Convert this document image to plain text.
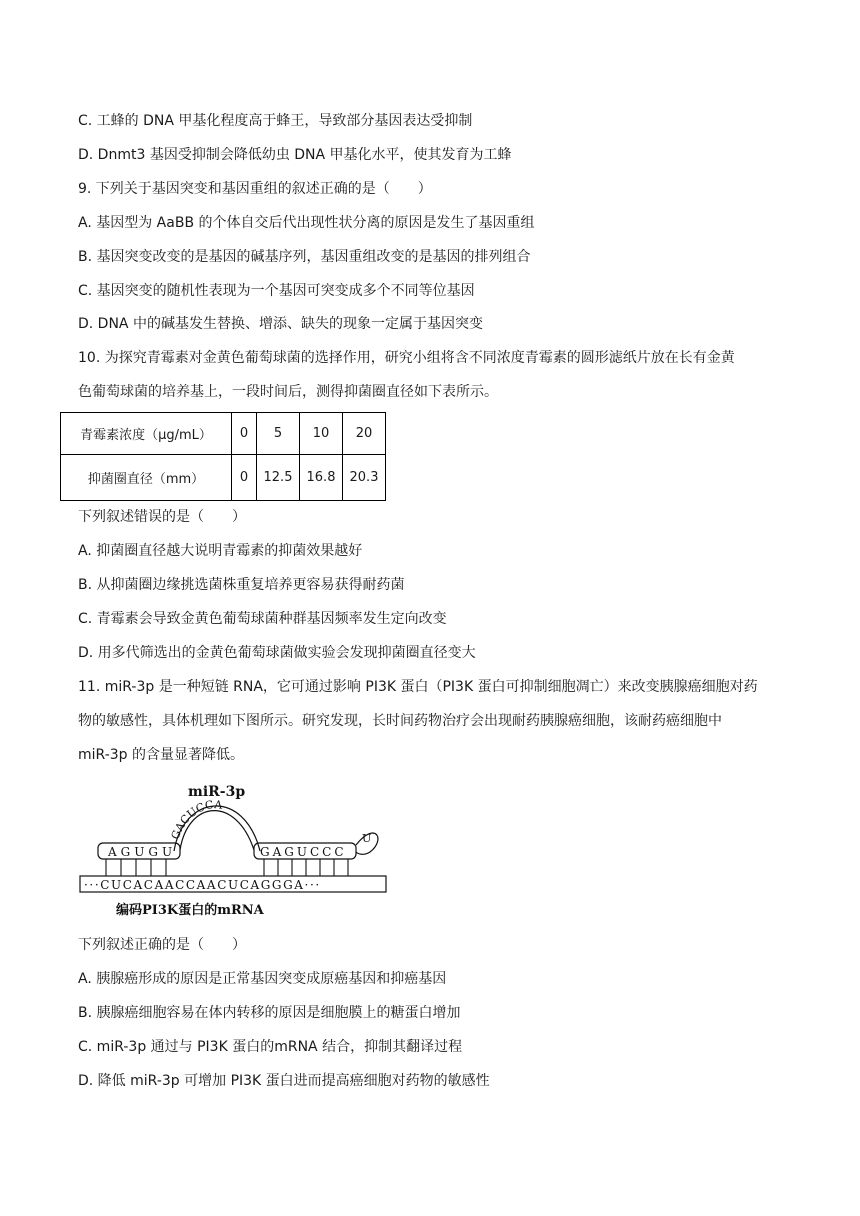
C. 工蜂的 DNA 甲基化程度高于蜂王，导致部分基因表达受抑制
D. Dnmt3 基因受抑制会降低幼虫 DNA 甲基化水平，使其发育为工蜂
9. 下列关于基因突变和基因重组的叙述正确的是（　　）
A. 基因型为 AaBB 的个体自交后代出现性状分离的原因是发生了基因重组
B. 基因突变改变的是基因的碱基序列，基因重组改变的是基因的排列组合
C. 基因突变的随机性表现为一个基因可突变成多个不同等位基因
D. DNA 中的碱基发生替换、增添、缺失的现象一定属于基因突变
10. 为探究青霉素对金黄色葡萄球菌的选择作用，研究小组将含不同浓度青霉素的圆形滤纸片放在长有金黄
色葡萄球菌的培养基上，一段时间后，测得抑菌圈直径如下表所示。
青霉素浓度（μg/mL）	0	5	10	20
抑菌圈直径（mm）	0	12.5	16.8	20.3
下列叙述错误的是（　　）
A. 抑菌圈直径越大说明青霉素的抑菌效果越好
B. 从抑菌圈边缘挑选菌株重复培养更容易获得耐药菌
C. 青霉素会导致金黄色葡萄球菌种群基因频率发生定向改变
D. 用多代筛选出的金黄色葡萄球菌做实验会发现抑菌圈直径变大
11. miR-3p 是一种短链 RNA，它可通过影响 PI3K 蛋白（PI3K 蛋白可抑制细胞凋亡）来改变胰腺癌细胞对药
物的敏感性，具体机理如下图所示。研究发现，长时间药物治疗会出现耐药胰腺癌细胞，该耐药癌细胞中
miR-3p 的含量显著降低。
miR-3p
AGUGU
GACUCCA
GAGUCCC
U
···CUCACAACCAACUCAGGGA···
编码PI3K蛋白的mRNA
下列叙述正确的是（　　）
A. 胰腺癌形成的原因是正常基因突变成原癌基因和抑癌基因
B. 胰腺癌细胞容易在体内转移的原因是细胞膜上的糖蛋白增加
C. miR-3p 通过与 PI3K 蛋白的mRNA 结合，抑制其翻译过程
D. 降低 miR-3p 可增加 PI3K 蛋白进而提高癌细胞对药物的敏感性
